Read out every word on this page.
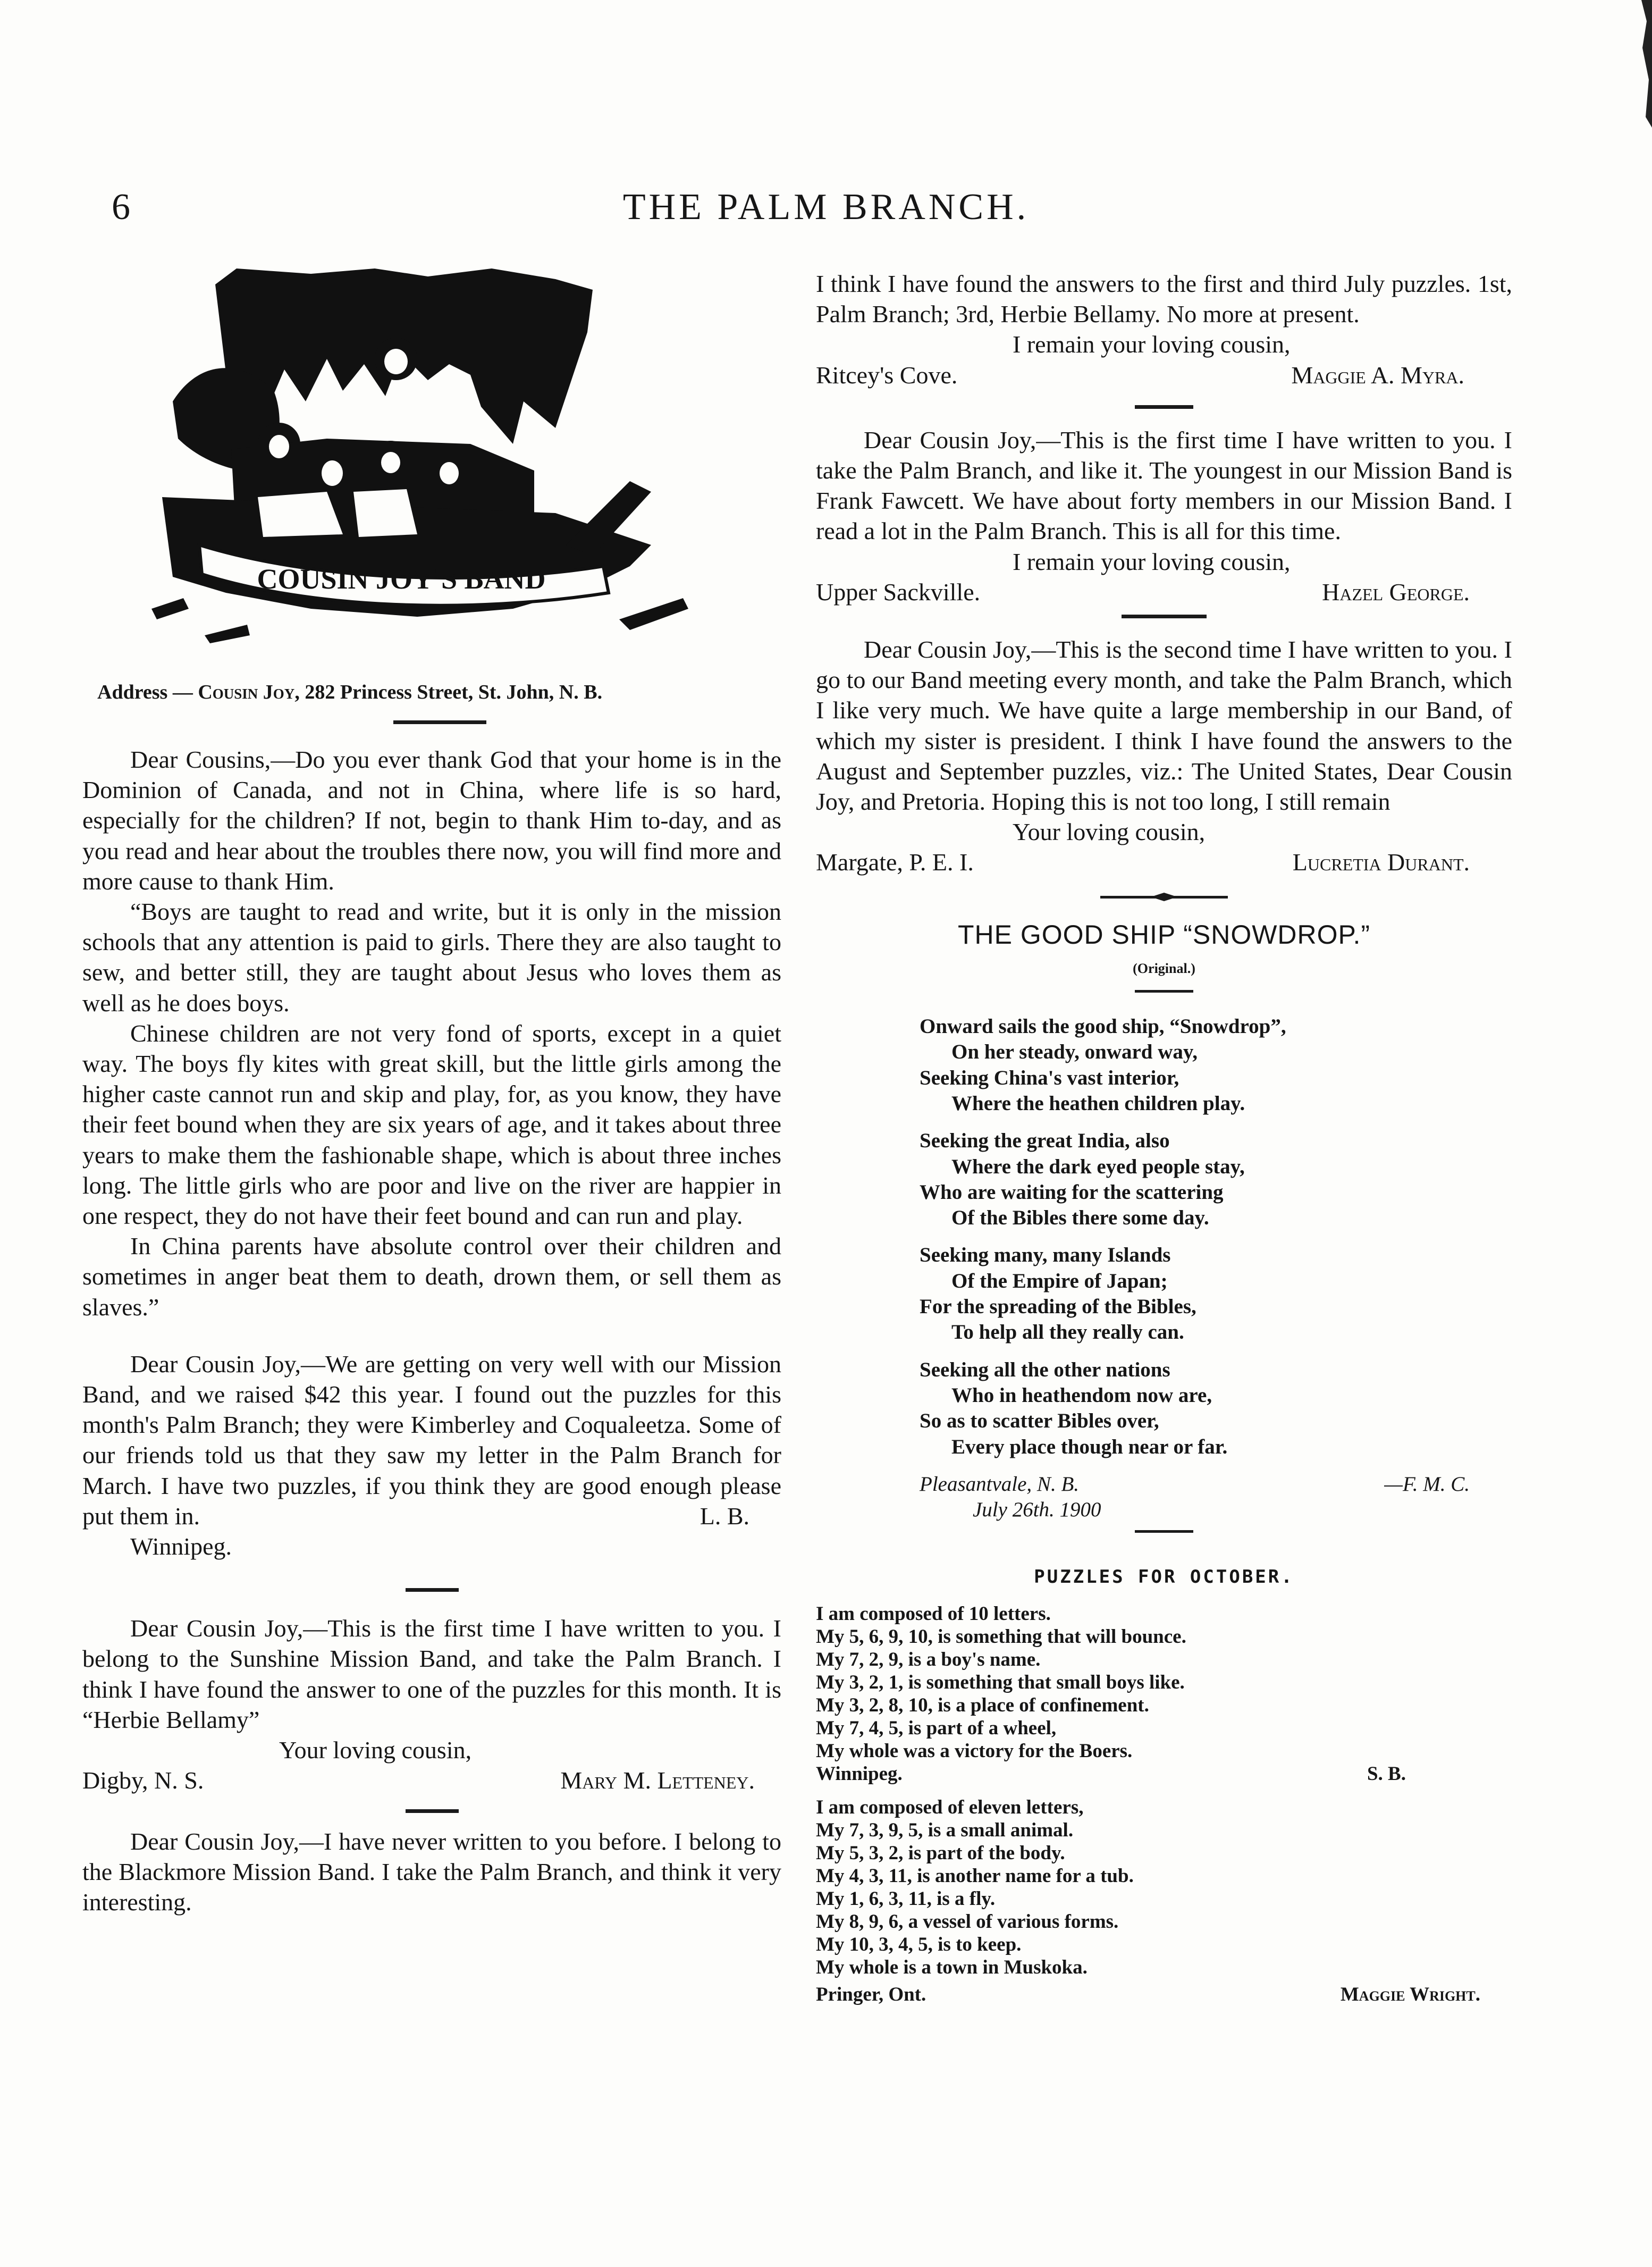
6	THE PALM BRANCH.
COUSIN JOY'S BAND
Address — Cousin Joy, 282 Princess Street, St. John, N. B.

Dear Cousins,—Do you ever thank God that your home is in the Dominion of Canada, and not in China, where life is so hard, especially for the children? If not, begin to thank Him to-day, and as you read and hear about the troubles there now, you will find more and more cause to thank Him.

“Boys are taught to read and write, but it is only in the mission schools that any attention is paid to girls. There they are also taught to sew, and better still, they are taught about Jesus who loves them as well as he does boys.

Chinese children are not very fond of sports, except in a quiet way. The boys fly kites with great skill, but the little girls among the higher caste cannot run and skip and play, for, as you know, they have their feet bound when they are six years of age, and it takes about three years to make them the fashionable shape, which is about three inches long. The little girls who are poor and live on the river are happier in one respect, they do not have their feet bound and can run and play.

In China parents have absolute control over their children and sometimes in anger beat them to death, drown them, or sell them as slaves.”

Dear Cousin Joy,—We are getting on very well with our Mission Band, and we raised $42 this year. I found out the puzzles for this month's Palm Branch; they were Kimberley and Coqualeetza. Some of our friends told us that they saw my letter in the Palm Branch for March. I have two puzzles, if you think they are good enough please put them in.	L. B.

Winnipeg.

Dear Cousin Joy,—This is the first time I have written to you. I belong to the Sunshine Mission Band, and take the Palm Branch. I think I have found the answer to one of the puzzles for this month. It is “Herbie Bellamy”

Your loving cousin,

Digby, N. S.	Mary M. Letteney.

Dear Cousin Joy,—I have never written to you before. I belong to the Blackmore Mission Band. I take the Palm Branch, and think it very interesting.

I think I have found the answers to the first and third July puzzles. 1st, Palm Branch; 3rd, Herbie Bellamy. No more at present.

I remain your loving cousin,

Ritcey's Cove.	Maggie A. Myra.

Dear Cousin Joy,—This is the first time I have written to you. I take the Palm Branch, and like it. The youngest in our Mission Band is Frank Fawcett. We have about forty members in our Mission Band. I read a lot in the Palm Branch. This is all for this time.

I remain your loving cousin,

Upper Sackville.	Hazel George.

Dear Cousin Joy,—This is the second time I have written to you. I go to our Band meeting every month, and take the Palm Branch, which I like very much. We have quite a large membership in our Band, of which my sister is president. I think I have found the answers to the August and September puzzles, viz.: The United States, Dear Cousin Joy, and Pretoria. Hoping this is not too long, I still remain

Your loving cousin,

Margate, P. E. I.	Lucretia Durant.
THE GOOD SHIP “SNOWDROP.”
(Original.)
Onward sails the good ship, “Snowdrop”,
On her steady, onward way,
Seeking China's vast interior,
Where the heathen children play.
Seeking the great India, also
Where the dark eyed people stay,
Who are waiting for the scattering
Of the Bibles there some day.
Seeking many, many Islands
Of the Empire of Japan;
For the spreading of the Bibles,
To help all they really can.
Seeking all the other nations
Who in heathendom now are,
So as to scatter Bibles over,
Every place though near or far.
Pleasantvale, N. B.	—F. M. C.
July 26th. 1900
PUZZLES FOR OCTOBER.
I am composed of 10 letters.
My 5, 6, 9, 10, is something that will bounce.
My 7, 2, 9, is a boy's name.
My 3, 2, 1, is something that small boys like.
My 3, 2, 8, 10, is a place of confinement.
My 7, 4, 5, is part of a wheel,
My whole was a victory for the Boers.
Winnipeg.	S. B.
I am composed of eleven letters,
My 7, 3, 9, 5, is a small animal.
My 5, 3, 2, is part of the body.
My 4, 3, 11, is another name for a tub.
My 1, 6, 3, 11, is a fly.
My 8, 9, 6, a vessel of various forms.
My 10, 3, 4, 5, is to keep.
My whole is a town in Muskoka.
Pringer, Ont.	Maggie Wright.
